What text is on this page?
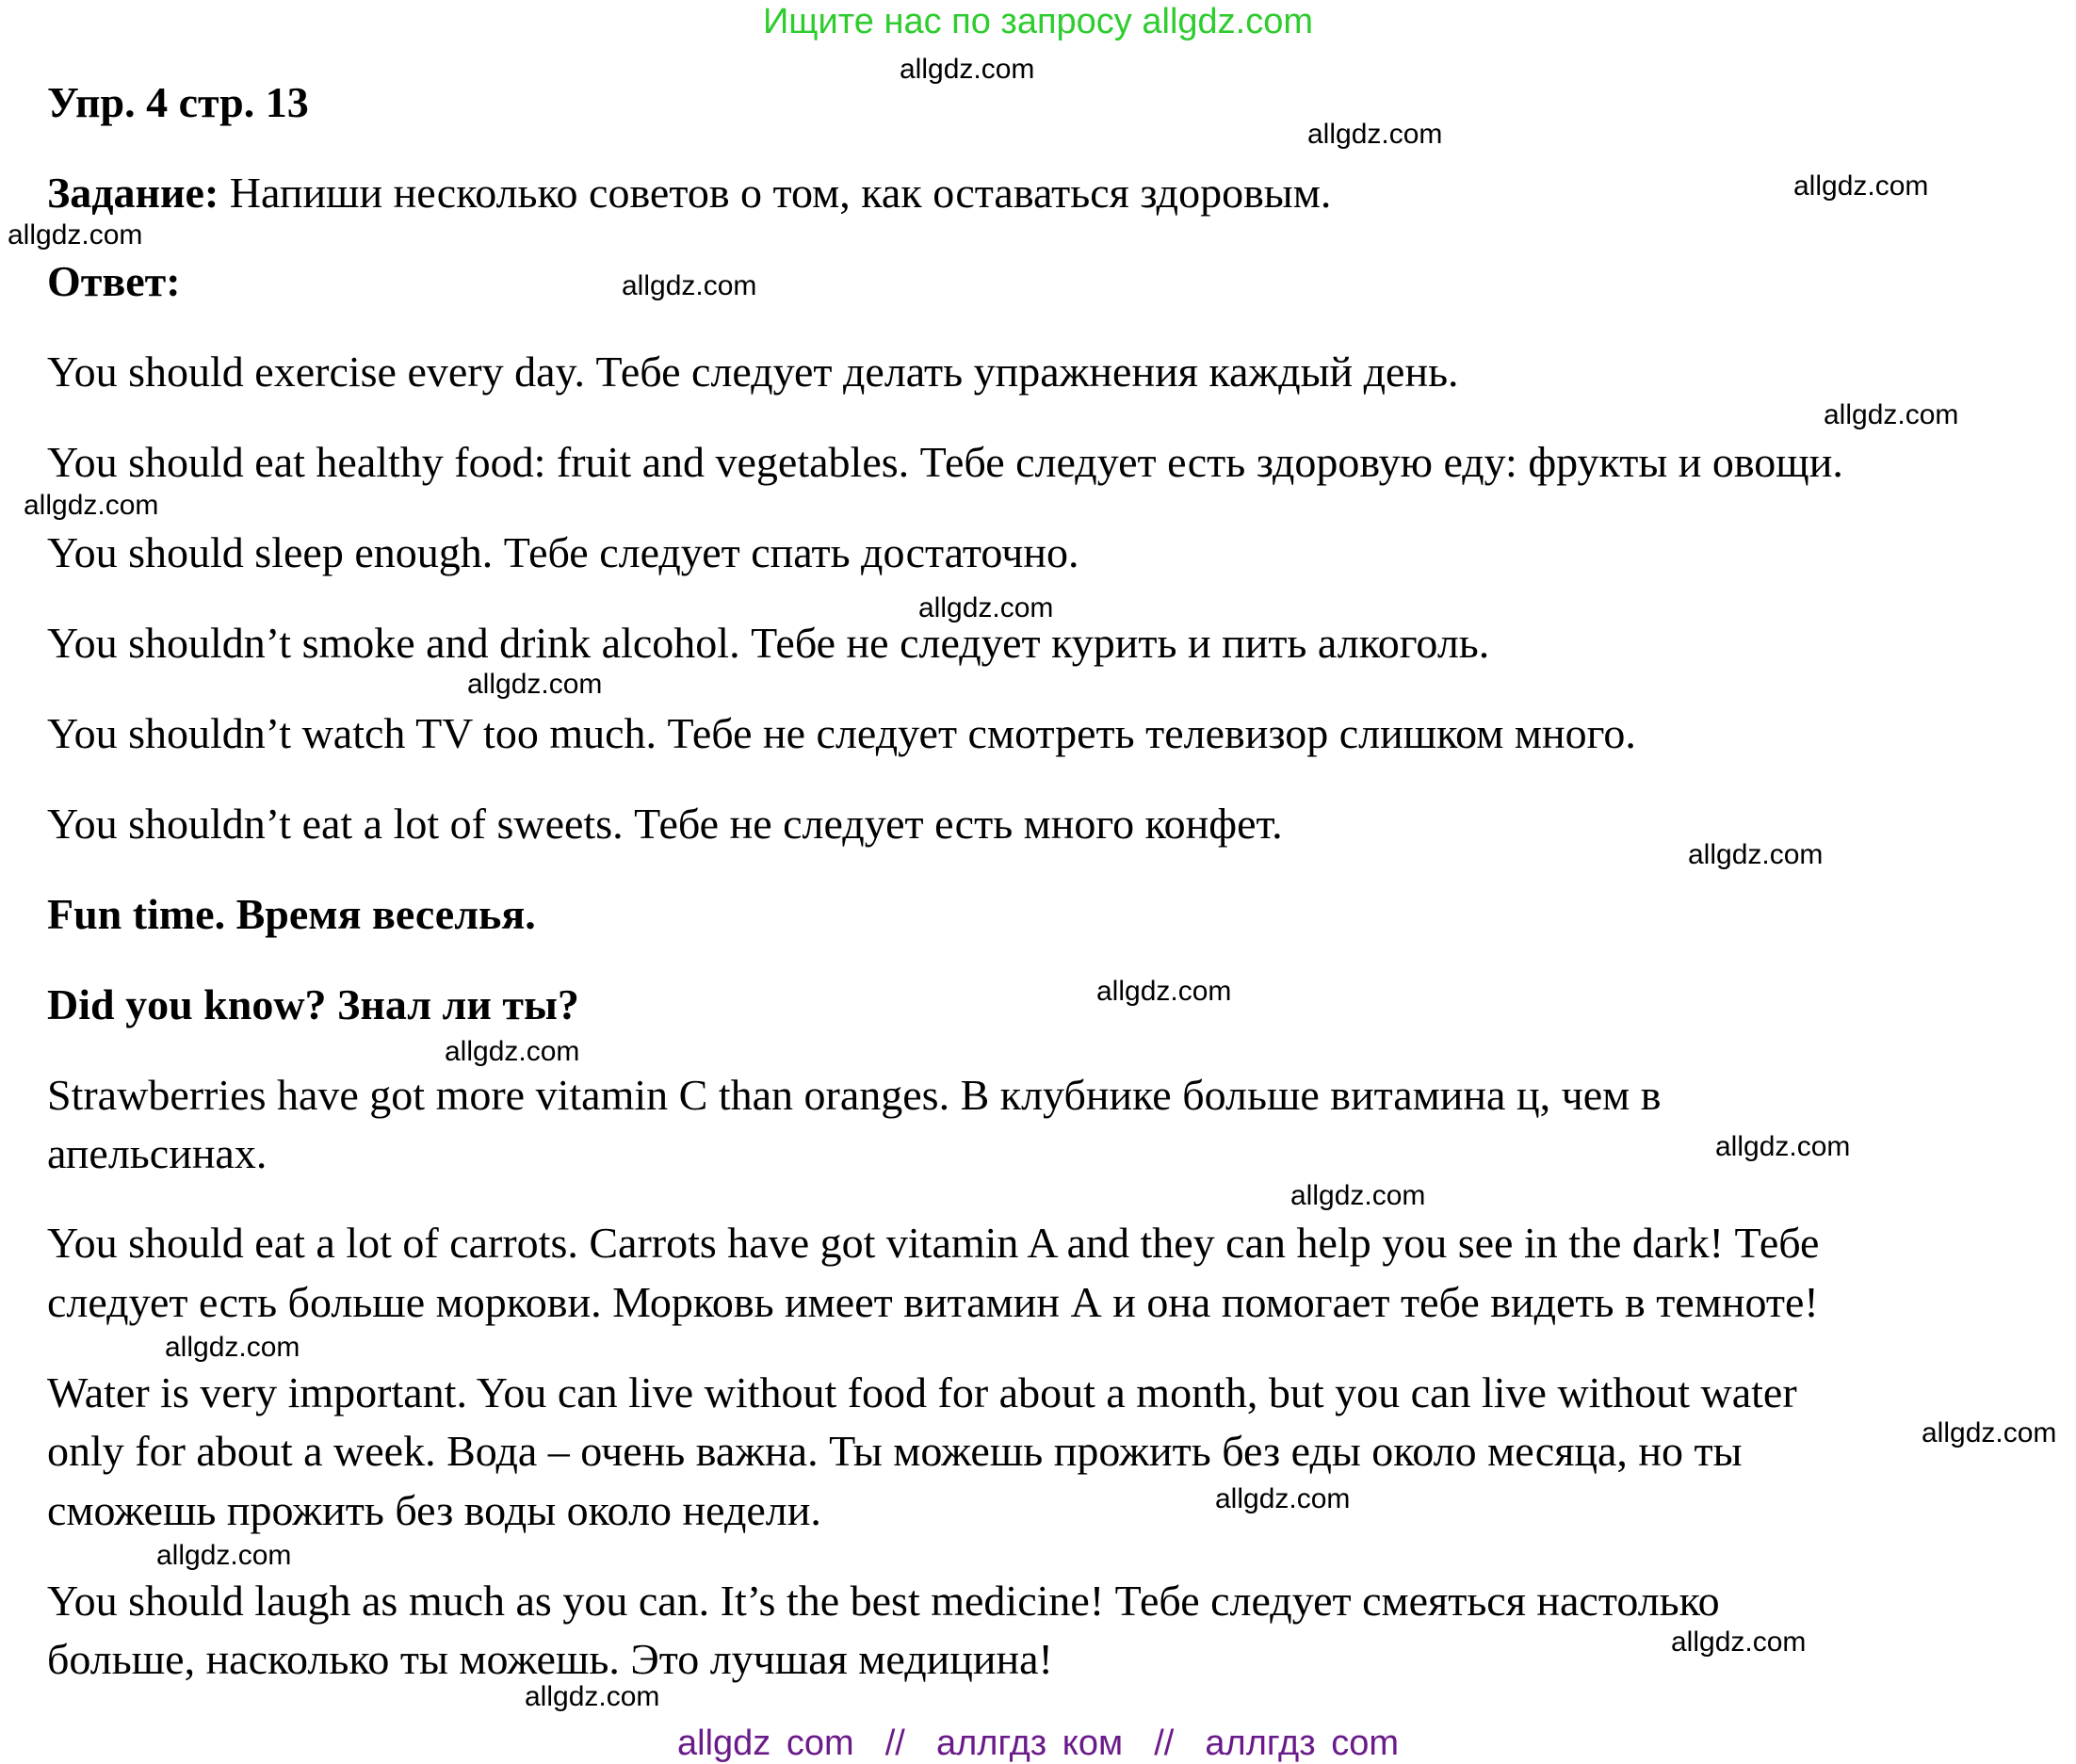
Ищите нас по запросу allgdz.com
Упр. 4 стр. 13
Задание: Напиши несколько советов о том, как оставаться здоровым.
Ответ:
You should exercise every day. Тебе следует делать упражнения каждый день.
You should eat healthy food: fruit and vegetables. Тебе следует есть здоровую еду: фрукты и овощи.
You should sleep enough. Тебе следует спать достаточно.
You shouldn’t smoke and drink alcohol. Тебе не следует курить и пить алкоголь.
You shouldn’t watch TV too much. Тебе не следует смотреть телевизор слишком много.
You shouldn’t eat a lot of sweets. Тебе не следует есть много конфет.
Fun time. Время веселья.
Did you know? Знал ли ты?
Strawberries have got more vitamin C than oranges. В клубнике больше витамина ц, чем в
апельсинах.
You should eat a lot of carrots. Carrots have got vitamin A and they can help you see in the dark! Тебе
следует есть больше моркови. Морковь имеет витамин А и она помогает тебе видеть в темноте!
Water is very important. You can live without food for about a month, but you can live without water
only for about a week. Вода – очень важна. Ты можешь прожить без еды около месяца, но ты
сможешь прожить без воды около недели.
You should laugh as much as you can. It’s the best medicine! Тебе следует смеяться настолько
больше, насколько ты можешь. Это лучшая медицина!
allgdz.com
allgdz.com
allgdz.com
allgdz.com
allgdz.com
allgdz.com
allgdz.com
allgdz.com
allgdz.com
allgdz.com
allgdz.com
allgdz.com
allgdz.com
allgdz.com
allgdz.com
allgdz.com
allgdz.com
allgdz.com
allgdz.com
allgdz.com
allgdz com  //  аллгдз ком  //  аллгдз com
